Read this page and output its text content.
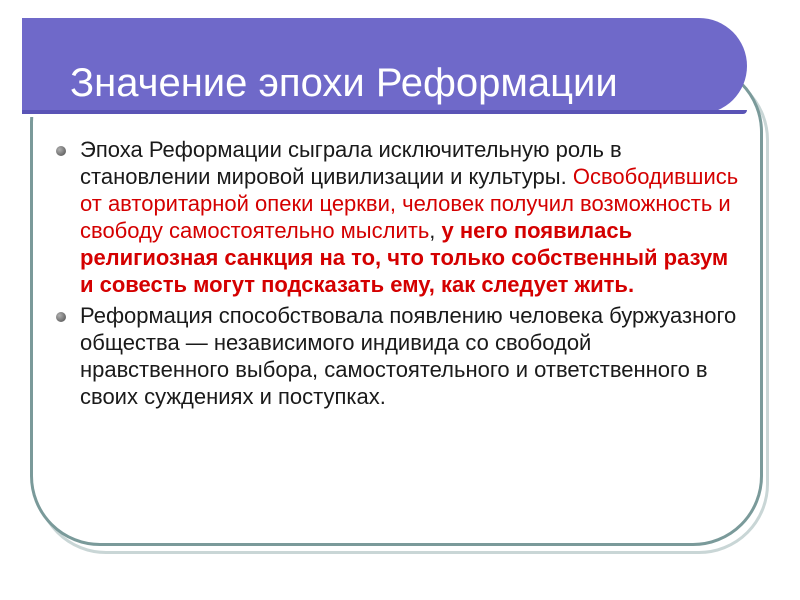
Значение эпохи Реформации
Эпоха Реформации сыграла исключительную роль в становлении мировой цивилизации и культуры. Освободившись от авторитарной опеки церкви, человек получил возможность и свободу самостоятельно мыслить, у него появилась религиозная санкция на то, что только собственный разум и совесть могут подсказать ему, как следует жить.
Реформация способствовала появлению человека буржуазного общества — независимого индивида со свободой нравственного выбора, самостоятельного и ответственного в своих суждениях и поступках.
